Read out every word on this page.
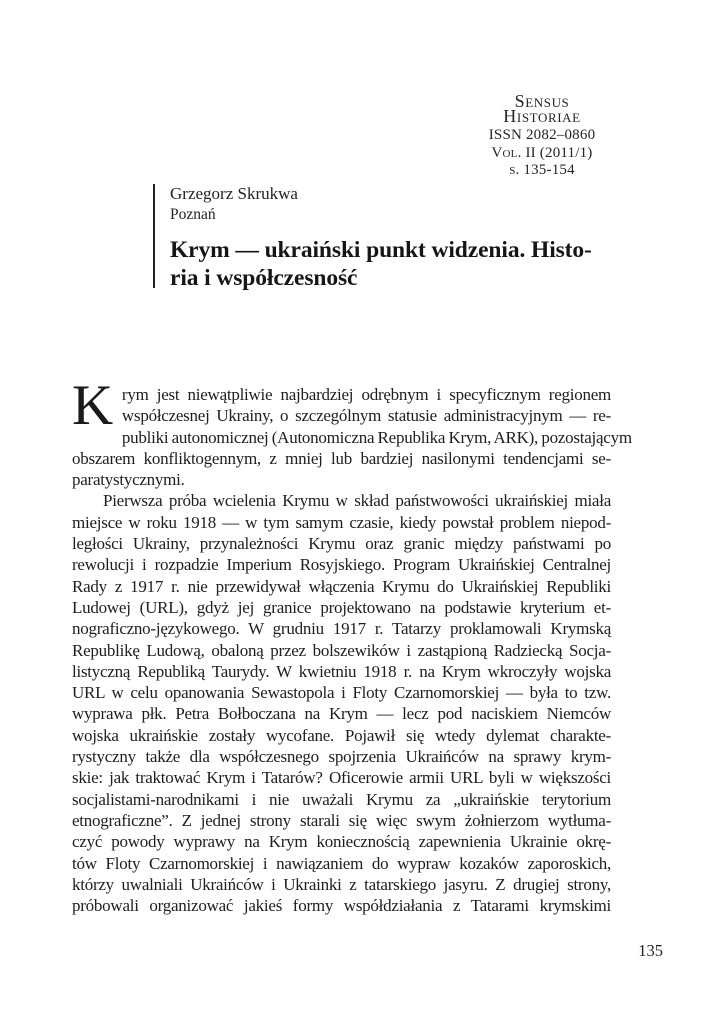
Sensus
Historiae
ISSN 2082–0860
Vol. II (2011/1)
s. 135-154
Grzegorz Skrukwa
Poznań
Krym — ukraiński punkt widzenia. Histo-
ria i współczesność
K rym jest niewątpliwie najbardziej odrębnym i specyficznym regionem
współczesnej Ukrainy, o szczególnym statusie administracyjnym — re-
publiki autonomicznej (Autonomiczna Republika Krym, ARK), pozostającym
obszarem konfliktogennym, z mniej lub bardziej nasilonymi tendencjami se-
paratystycznymi.
Pierwsza próba wcielenia Krymu w skład państwowości ukraińskiej miała
miejsce w roku 1918 — w tym samym czasie, kiedy powstał problem niepod-
ległości Ukrainy, przynależności Krymu oraz granic między państwami po
rewolucji i rozpadzie Imperium Rosyjskiego. Program Ukraińskiej Centralnej
Rady z 1917 r. nie przewidywał włączenia Krymu do Ukraińskiej Republiki
Ludowej (URL), gdyż jej granice projektowano na podstawie kryterium et-
nograficzno-językowego. W grudniu 1917 r. Tatarzy proklamowali Krymską
Republikę Ludową, obaloną przez bolszewików i zastąpioną Radziecką Socja-
listyczną Republiką Taurydy. W kwietniu 1918 r. na Krym wkroczyły wojska
URL w celu opanowania Sewastopola i Floty Czarnomorskiej — była to tzw.
wyprawa płk. Petra Bołboczana na Krym — lecz pod naciskiem Niemców
wojska ukraińskie zostały wycofane. Pojawił się wtedy dylemat charakte-
rystyczny także dla współczesnego spojrzenia Ukraińców na sprawy krym-
skie: jak traktować Krym i Tatarów? Oficerowie armii URL byli w większości
socjalistami-narodnikami i nie uważali Krymu za „ukraińskie terytorium
etnograficzne”. Z jednej strony starali się więc swym żołnierzom wytłuma-
czyć powody wyprawy na Krym koniecznością zapewnienia Ukrainie okrę-
tów Floty Czarnomorskiej i nawiązaniem do wypraw kozaków zaporoskich,
którzy uwalniali Ukraińców i Ukrainki z tatarskiego jasyru. Z drugiej strony,
próbowali organizować jakieś formy współdziałania z Tatarami krymskimi
135
